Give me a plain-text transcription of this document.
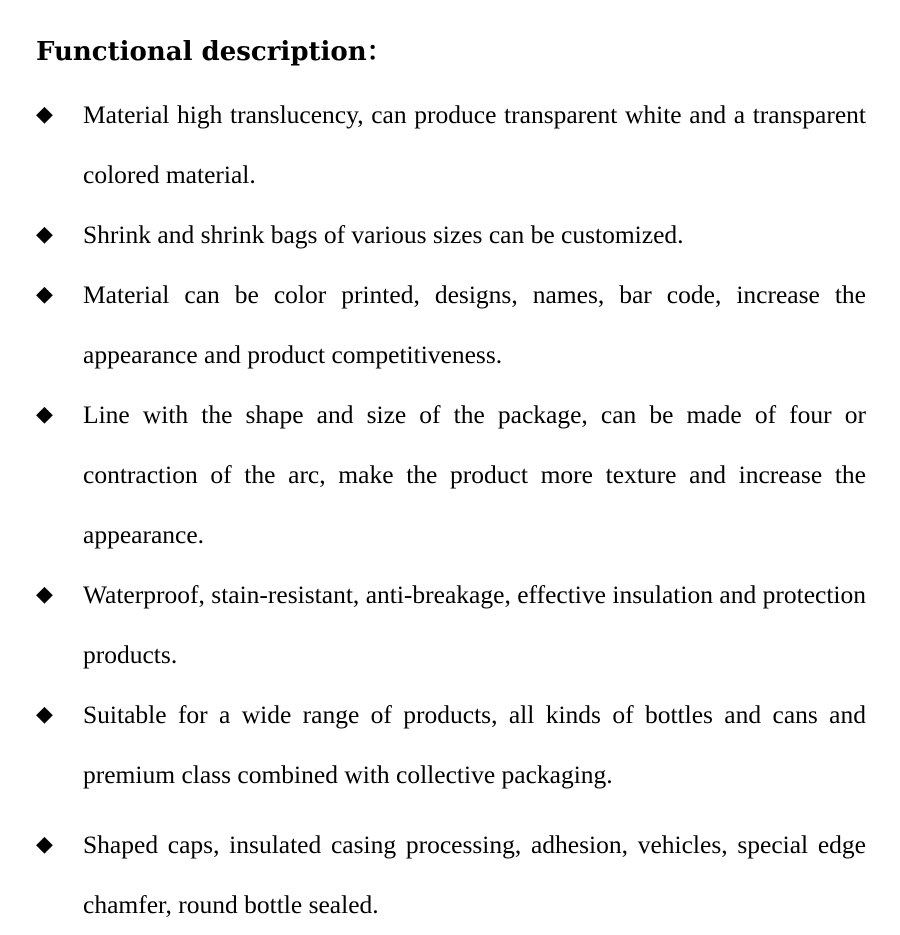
Functional description：
◆	Material high translucency, can produce transparent white and a transparent colored material.
◆	Shrink and shrink bags of various sizes can be customized.
◆	Material can be color printed, designs, names, bar code, increase the appearance and product competitiveness.
◆	Line with the shape and size of the package, can be made of four or contraction of the arc, make the product more texture and increase the appearance.
◆	Waterproof, stain-resistant, anti-breakage, effective insulation and protection products.
◆	Suitable for a wide range of products, all kinds of bottles and cans and premium class combined with collective packaging.
◆	Shaped caps, insulated casing processing, adhesion, vehicles, special edge chamfer, round bottle sealed.
